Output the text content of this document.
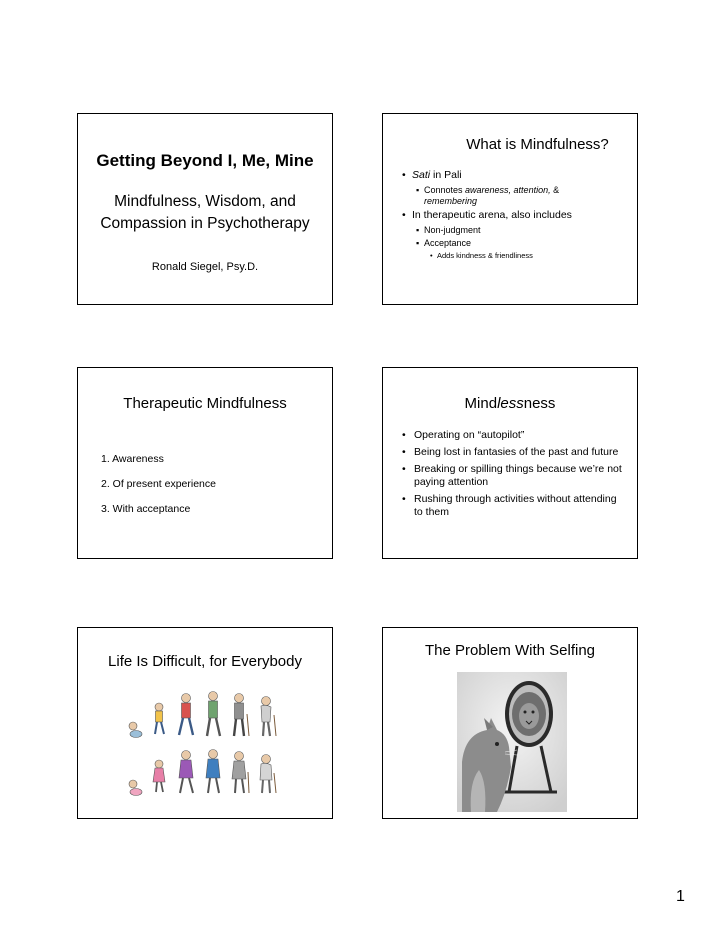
Getting Beyond I, Me, Mine
Mindfulness, Wisdom, and
Compassion in Psychotherapy
Ronald Siegel, Psy.D.
What is Mindfulness?
• Sati in Pali
▪ Connotes awareness, attention, &
remembering
• In therapeutic arena, also includes
▪ Non-judgment
▪ Acceptance
• Adds kindness & friendliness
Therapeutic Mindfulness
1. Awareness
2. Of present experience
3. With acceptance
Mindlessness
• Operating on “autopilot”
• Being lost in fantasies of the past and future
• Breaking or spilling things because we’re not paying attention
• Rushing through activities without attending to them
Life Is Difficult, for Everybody
The Problem With Selfing
1
